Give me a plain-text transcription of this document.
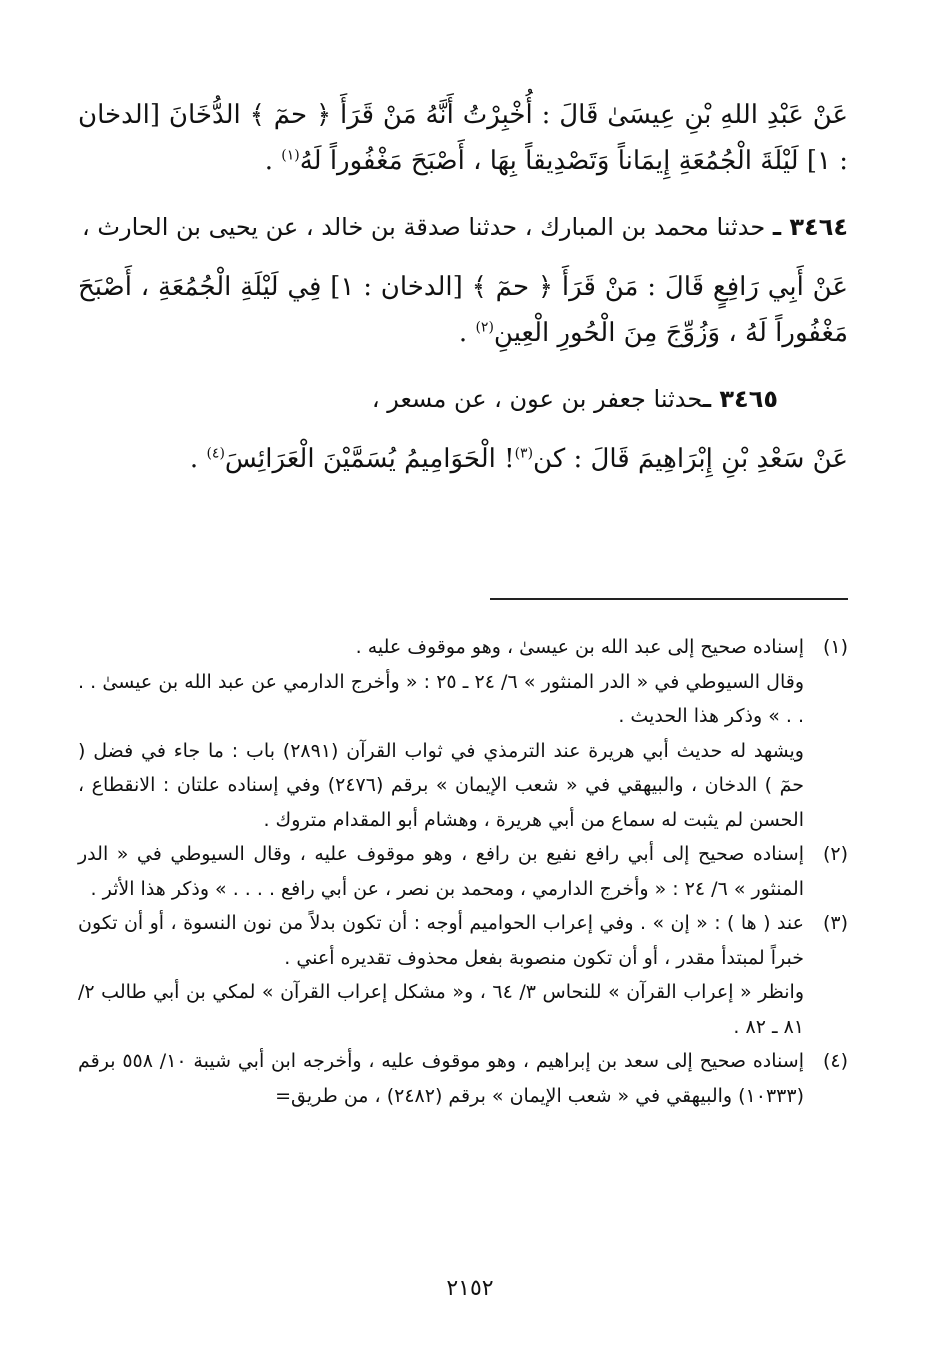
عَنْ عَبْدِ اللهِ بْنِ عِيسَىٰ قَالَ : أُخْبِرْتُ أَنَّهُ مَنْ قَرَأَ ﴿ حمٓ ﴾ الدُّخَانَ [الدخان : ١] لَيْلَةَ الْجُمُعَةِ إِيمَاناً وَتَصْدِيقاً بِهَا ، أَصْبَحَ مَغْفُوراً لَهُ$^{(١)}$ .

٣٤٦٤ ـ حدثنا محمد بن المبارك ، حدثنا صدقة بن خالد ، عن يحيى بن الحارث ،

عَنْ أَبِي رَافِعٍ قَالَ : مَنْ قَرَأَ ﴿ حمٓ ﴾ [الدخان : ١] فِي لَيْلَةِ الْجُمُعَةِ ، أَصْبَحَ مَغْفُوراً لَهُ ، وَزُوِّجَ مِنَ الْحُورِ الْعِينِ$^{(٢)}$ .

٣٤٦٥ ـحدثنا جعفر بن عون ، عن مسعر ،

عَنْ سَعْدِ بْنِ إِبْرَاهِيمَ قَالَ : كن$^{(٣)}$! الْحَوَامِيمُ يُسَمَّيْنَ الْعَرَائِسَ$^{(٤)}$ .

(١)

إسناده صحيح إلى عبد الله بن عيسىٰ ، وهو موقوف عليه .

وقال السيوطي في « الدر المنثور » ٦/ ٢٤ ـ ٢٥ : « وأخرج الدارمي عن عبد الله بن عيسىٰ . . . . » وذكر هذا الحديث .

ويشهد له حديث أبي هريرة عند الترمذي في ثواب القرآن (٢٨٩١) باب : ما جاء في فضل ( حمٓ ) الدخان ، والبيهقي في « شعب الإيمان » برقم (٢٤٧٦) وفي إسناده علتان : الانقطاع ، الحسن لم يثبت له سماع من أبي هريرة ، وهشام أبو المقدام متروك .

(٢)

إسناده صحيح إلى أبي رافع نفيع بن رافع ، وهو موقوف عليه ، وقال السيوطي في « الدر المنثور » ٦/ ٢٤ : « وأخرج الدارمي ، ومحمد بن نصر ، عن أبي رافع . . . . » وذكر هذا الأثر .

(٣)

عند ( ها ) : « إن » . وفي إعراب الحواميم أوجه : أن تكون بدلاً من نون النسوة ، أو أن تكون خبراً لمبتدأ مقدر ، أو أن تكون منصوبة بفعل محذوف تقديره أعني .

وانظر « إعراب القرآن » للنحاس ٣/ ٦٤ ، و« مشكل إعراب القرآن » لمكي بن أبي طالب ٢/ ٨١ ـ ٨٢ .

(٤)

إسناده صحيح إلى سعد بن إبراهيم ، وهو موقوف عليه ، وأخرجه ابن أبي شيبة ١٠/ ٥٥٨ برقم (١٠٣٣٣) والبيهقي في « شعب الإيمان » برقم (٢٤٨٢) ، من طريق=

٢١٥٢
